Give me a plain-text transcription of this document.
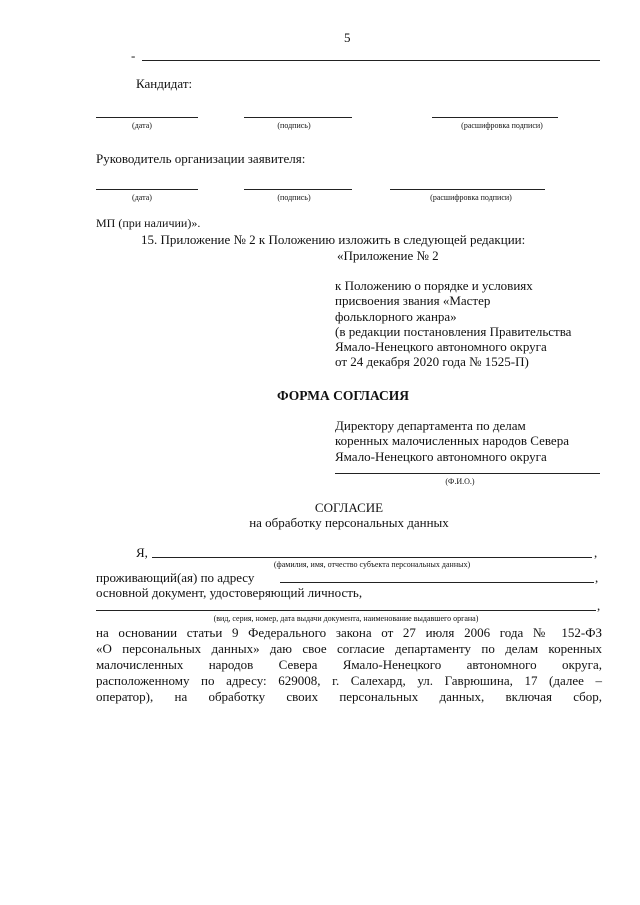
5
-
Кандидат:
(дата)	(подпись)	(расшифровка подписи)
Руководитель организации заявителя:
(дата)	(подпись)	(расшифровка подписи)
МП (при наличии)».
15. Приложение № 2 к Положению изложить в следующей редакции:
«Приложение № 2
к Положению о порядке и условиях
присвоения звания «Мастер
фольклорного жанра»
(в редакции постановления Правительства
Ямало-Ненецкого автономного округа
от 24 декабря 2020 года № 1525-П)
ФОРМА СОГЛАСИЯ
Директору департамента по делам
коренных малочисленных народов Севера
Ямало-Ненецкого автономного округа
(Ф.И.О.)
СОГЛАСИЕ
на обработку персональных данных
Я,	,
(фамилия, имя, отчество субъекта персональных данных)
проживающий(ая) по адресу	,
основной документ, удостоверяющий личность,
,
(вид, серия, номер, дата выдачи документа, наименование выдавшего органа)
на основании статьи 9 Федерального закона от 27 июля 2006 года № 152-ФЗ
«О персональных данных» даю свое согласие департаменту по делам коренных
малочисленных народов Севера Ямало-Ненецкого автономного округа,
расположенному по адресу: 629008, г. Салехард, ул. Гаврюшина, 17 (далее –
оператор), на обработку своих персональных данных, включая сбор,
